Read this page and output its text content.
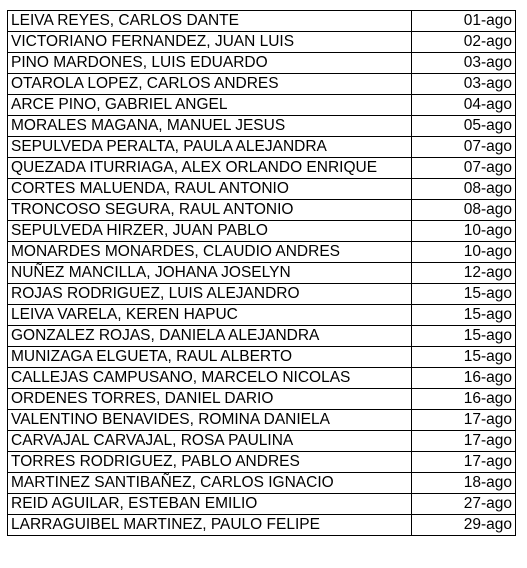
LEIVA REYES, CARLOS DANTE	01-ago
VICTORIANO FERNANDEZ, JUAN LUIS	02-ago
PINO MARDONES, LUIS EDUARDO	03-ago
OTAROLA LOPEZ, CARLOS ANDRES	03-ago
ARCE PINO, GABRIEL ANGEL	04-ago
MORALES MAGANA, MANUEL JESUS	05-ago
SEPULVEDA PERALTA, PAULA ALEJANDRA	07-ago
QUEZADA ITURRIAGA, ALEX ORLANDO ENRIQUE	07-ago
CORTES MALUENDA, RAUL ANTONIO	08-ago
TRONCOSO SEGURA, RAUL ANTONIO	08-ago
SEPULVEDA HIRZER, JUAN PABLO	10-ago
MONARDES MONARDES, CLAUDIO ANDRES	10-ago
NUÑEZ MANCILLA, JOHANA JOSELYN	12-ago
ROJAS RODRIGUEZ, LUIS ALEJANDRO	15-ago
LEIVA VARELA, KEREN HAPUC	15-ago
GONZALEZ ROJAS, DANIELA ALEJANDRA	15-ago
MUNIZAGA ELGUETA, RAUL ALBERTO	15-ago
CALLEJAS CAMPUSANO, MARCELO NICOLAS	16-ago
ORDENES TORRES, DANIEL DARIO	16-ago
VALENTINO BENAVIDES, ROMINA DANIELA	17-ago
CARVAJAL CARVAJAL, ROSA PAULINA	17-ago
TORRES RODRIGUEZ, PABLO ANDRES	17-ago
MARTINEZ SANTIBAÑEZ, CARLOS IGNACIO	18-ago
REID AGUILAR, ESTEBAN EMILIO	27-ago
LARRAGUIBEL MARTINEZ, PAULO FELIPE	29-ago
